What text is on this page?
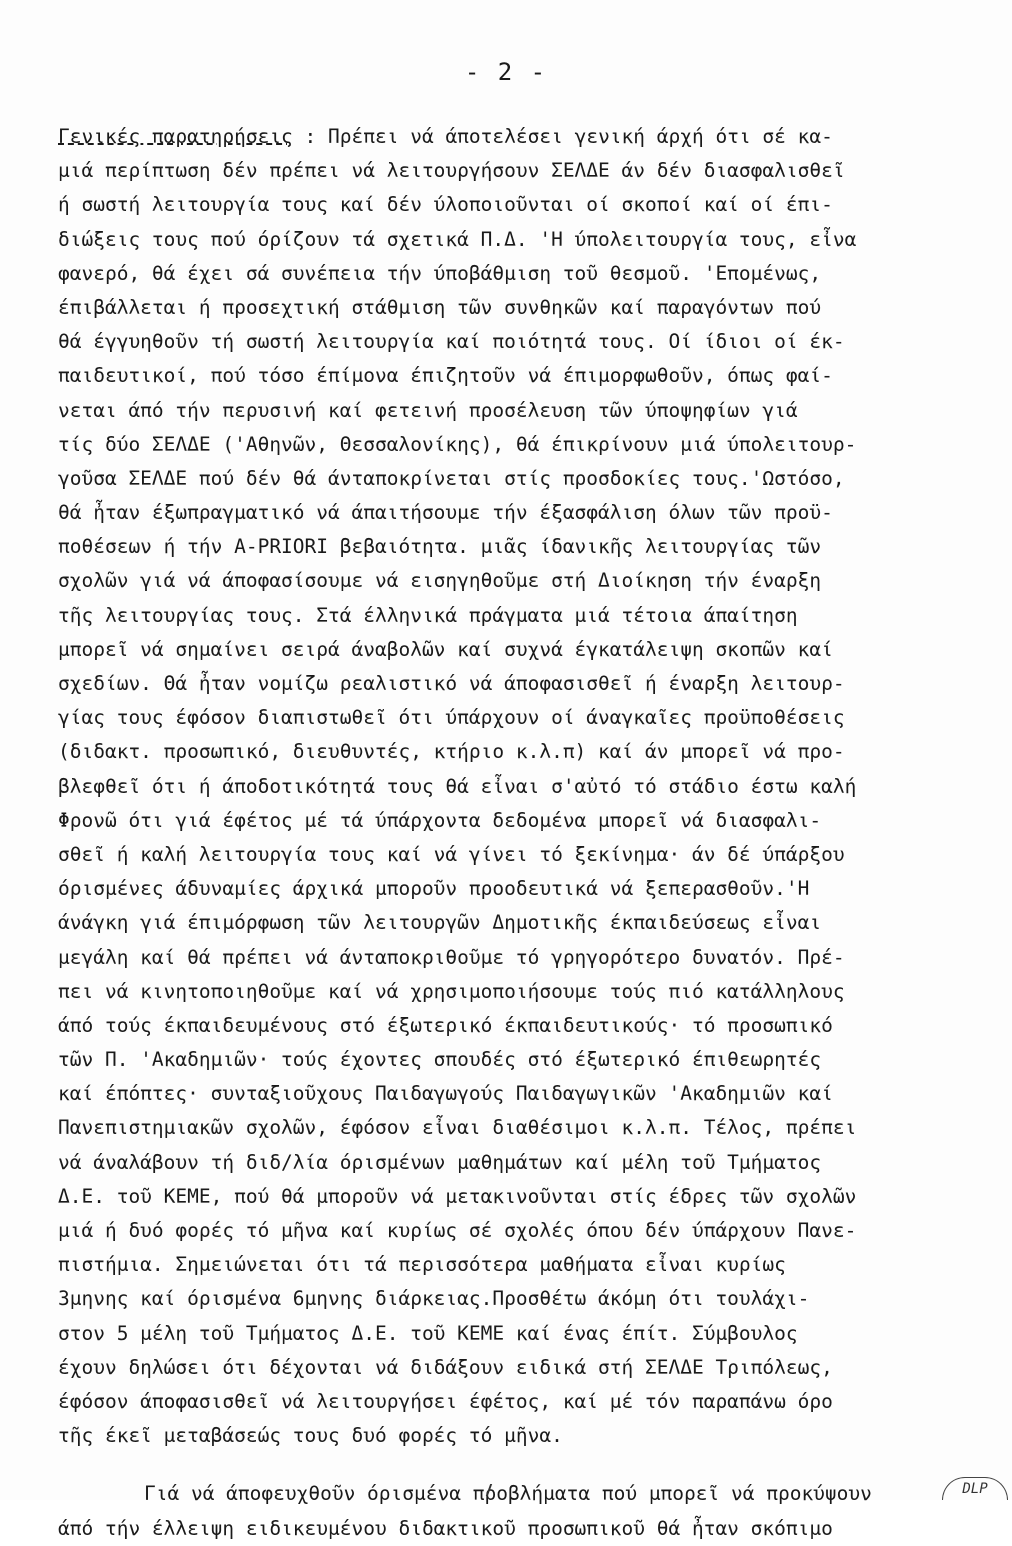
- 2 -
Γενικές παρατηρήσεις : Πρέπει νά άποτελέσει γενική άρχή ότι σέ κα-
μιά περίπτωση δέν πρέπει νά λειτουργήσουν ΣΕΛΔΕ άν δέν διασφαλισθεῖ
ή σωστή λειτουργία τους καί δέν ύλοποιοῦνται οί σκοποί καί οί έπι-
διώξεις τους πού όρίζουν τά σχετικά Π.Δ. 'Η ύπολειτουργία τους, εἶνα
φανερό, θά έχει σά συνέπεια τήν ύποβάθμιση τοῦ θεσμοῦ. 'Επομένως,
έπιβάλλεται ή προσεχτική στάθμιση τῶν συνθηκῶν καί παραγόντων πού
θά έγγυηθοῦν τή σωστή λειτουργία καί ποιότητά τους. Οί ίδιοι οί έκ-
παιδευτικοί, πού τόσο έπίμονα έπιζητοῦν νά έπιμορφωθοῦν, όπως φαί-
νεται άπό τήν περυσινή καί φετεινή προσέλευση τῶν ύποψηφίων γιά
τίς δύο ΣΕΛΔΕ ('Αθηνῶν, Θεσσαλονίκης), θά έπικρίνουν μιά ύπολειτουρ-
γοῦσα ΣΕΛΔΕ πού δέν θά άνταποκρίνεται στίς προσδοκίες τους.'Ωστόσο,
θά ἦταν έξωπραγματικό νά άπαιτήσουμε τήν έξασφάλιση όλων τῶν προϋ-
ποθέσεων ή τήν A-PRIORI βεβαιότητα. μιᾶς ίδανικῆς λειτουργίας τῶν
σχολῶν γιά νά άποφασίσουμε νά εισηγηθοῦμε στή Διοίκηση τήν έναρξη
τῆς λειτουργίας τους. Στά έλληνικά πράγματα μιά τέτοια άπαίτηση
μπορεῖ νά σημαίνει σειρά άναβολῶν καί συχνά έγκατάλειψη σκοπῶν καί
σχεδίων. Θά ἦταν νομίζω ρεαλιστικό νά άποφασισθεῖ ή έναρξη λειτουρ-
γίας τους έφόσον διαπιστωθεῖ ότι ύπάρχουν οί άναγκαῖες προϋποθέσεις
(διδακτ. προσωπικό, διευθυντές, κτήριο κ.λ.π) καί άν μπορεῖ νά προ-
βλεφθεῖ ότι ή άποδοτικότητά τους θά εἶναι σ'αὐτό τό στάδιο έστω καλή
Φρονῶ ότι γιά έφέτος μέ τά ύπάρχοντα δεδομένα μπορεῖ νά διασφαλι-
σθεῖ ή καλή λειτουργία τους καί νά γίνει τό ξεκίνημα· άν δέ ύπάρξου
όρισμένες άδυναμίες άρχικά μποροῦν προοδευτικά νά ξεπερασθοῦν.'Η
άνάγκη γιά έπιμόρφωση τῶν λειτουργῶν Δημοτικῆς έκπαιδεύσεως εἶναι
μεγάλη καί θά πρέπει νά άνταποκριθοῦμε τό γρηγορότερο δυνατόν. Πρέ-
πει νά κινητοποιηθοῦμε καί νά χρησιμοποιήσουμε τούς πιό κατάλληλους
άπό τούς έκπαιδευμένους στό έξωτερικό έκπαιδευτικούς· τό προσωπικό
τῶν Π. 'Ακαδημιῶν· τούς έχοντες σπουδές στό έξωτερικό έπιθεωρητές
καί έπόπτες· συνταξιοῦχους Παιδαγωγούς Παιδαγωγικῶν 'Ακαδημιῶν καί
Πανεπιστημιακῶν σχολῶν, έφόσον εἶναι διαθέσιμοι κ.λ.π. Τέλος, πρέπει
νά άναλάβουν τή διδ/λία όρισμένων μαθημάτων καί μέλη τοῦ Τμήματος
Δ.Ε. τοῦ ΚΕΜΕ, πού θά μποροῦν νά μετακινοῦνται στίς έδρες τῶν σχολῶν
μιά ή δυό φορές τό μῆνα καί κυρίως σέ σχολές όπου δέν ύπάρχουν Πανε-
πιστήμια. Σημειώνεται ότι τά περισσότερα μαθήματα εἶναι κυρίως
3μηνης καί όρισμένα 6μηνης διάρκειας.Προσθέτω άκόμη ότι τουλάχι-
στον 5 μέλη τοῦ Τμήματος Δ.Ε. τοῦ ΚΕΜΕ καί ένας έπίτ. Σύμβουλος
έχουν δηλώσει ότι δέχονται νά διδάξουν ειδικά στή ΣΕΛΔΕ Τριπόλεως,
έφόσον άποφασισθεῖ νά λειτουργήσει έφέτος, καί μέ τόν παραπάνω όρο
τῆς έκεῖ μεταβάσεώς τους δυό φορές τό μῆνα.
Γιά νά άποφευχθοῦν όρισμένα προβλήματα πού μπορεῖ νά προκύψουν
άπό τήν έλλειψη ειδικευμένου διδακτικοῦ προσωπικοῦ θά ἦταν σκόπιμο
DLP
